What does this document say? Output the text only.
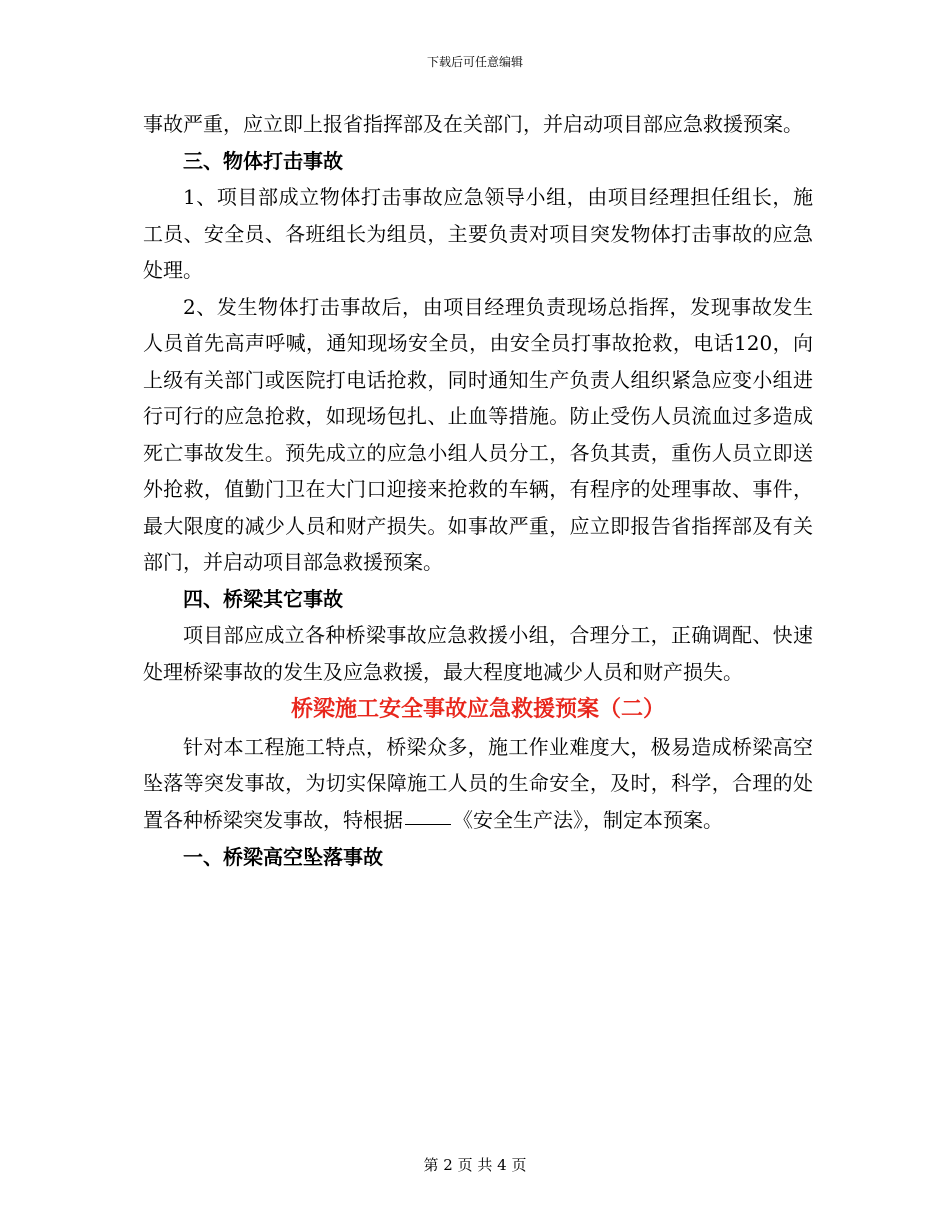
下载后可任意编辑

事故严重，应立即上报省指挥部及在关部门，并启动项目部应急救援预案。

三、物体打击事故

1、项目部成立物体打击事故应急领导小组，由项目经理担任组长，施工员、安全员、各班组长为组员，主要负责对项目突发物体打击事故的应急处理。

2、发生物体打击事故后，由项目经理负责现场总指挥，发现事故发生人员首先高声呼喊，通知现场安全员，由安全员打事故抢救，电话120，向上级有关部门或医院打电话抢救，同时通知生产负责人组织紧急应变小组进行可行的应急抢救，如现场包扎、止血等措施。防止受伤人员流血过多造成死亡事故发生。预先成立的应急小组人员分工，各负其责，重伤人员立即送外抢救，值勤门卫在大门口迎接来抢救的车辆，有程序的处理事故、事件，最大限度的减少人员和财产损失。如事故严重，应立即报告省指挥部及有关部门，并启动项目部急救援预案。

四、桥梁其它事故

项目部应成立各种桥梁事故应急救援小组，合理分工，正确调配、快速处理桥梁事故的发生及应急救援，最大程度地减少人员和财产损失。

桥梁施工安全事故应急救援预案（二）

针对本工程施工特点，桥梁众多，施工作业难度大，极易造成桥梁高空坠落等突发事故，为切实保障施工人员的生命安全，及时，科学，合理的处置各种桥梁突发事故，特根据	《安全生产法》，制定本预案。

一、桥梁高空坠落事故

第 2 页 共 4 页
